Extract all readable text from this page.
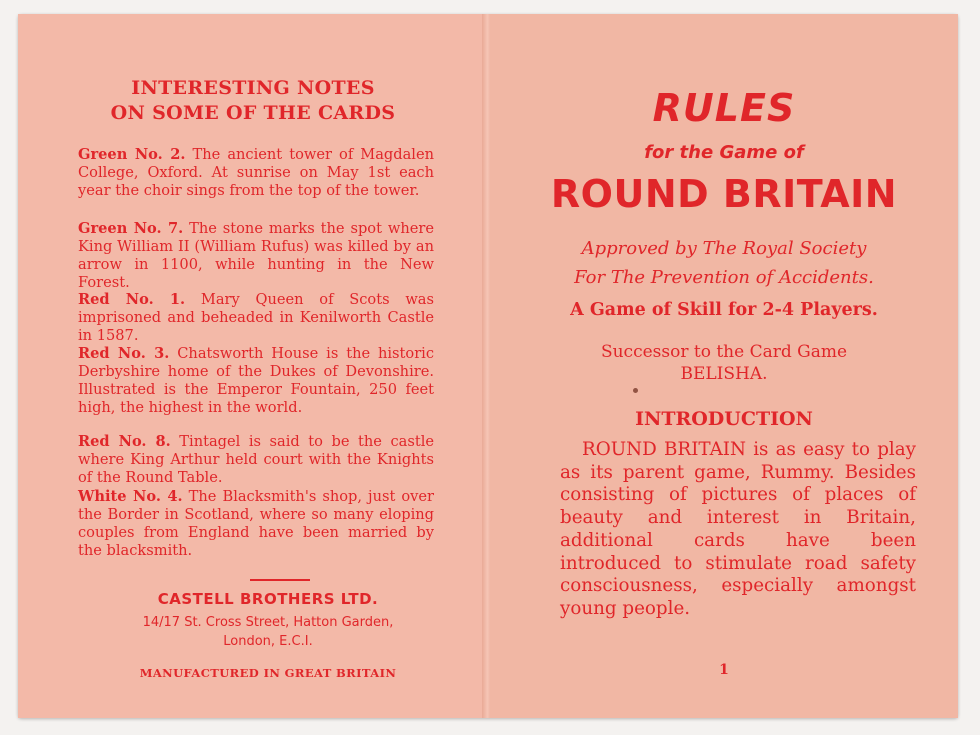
INTERESTING NOTES
ON SOME OF THE CARDS
Green No. 2. The ancient tower of Magdalen College, Oxford. At sunrise on May 1st each year the choir sings from the top of the tower.
Green No. 7. The stone marks the spot where King William II (William Rufus) was killed by an arrow in 1100, while hunting in the New Forest.
Red No. 1. Mary Queen of Scots was imprisoned and beheaded in Kenilworth Castle in 1587.
Red No. 3. Chatsworth House is the historic Derbyshire home of the Dukes of Devonshire. Illustrated is the Emperor Fountain, 250 feet high, the highest in the world.
Red No. 8. Tintagel is said to be the castle where King Arthur held court with the Knights of the Round Table.
White No. 4. The Blacksmith's shop, just over the Border in Scotland, where so many eloping couples from England have been married by the blacksmith.
CASTELL BROTHERS LTD.
14/17 St. Cross Street, Hatton Garden,
London, E.C.I.
MANUFACTURED IN GREAT BRITAIN
RULES
for the Game of
ROUND BRITAIN
Approved by The Royal Society
For The Prevention of Accidents.
A Game of Skill for 2-4 Players.
Successor to the Card Game
BELISHA.
INTRODUCTION
ROUND BRITAIN is as easy to play as its parent game, Rummy. Besides consisting of pictures of places of beauty and interest in Britain, additional cards have been introduced to stimulate road safety consciousness, especially amongst young people.
1
